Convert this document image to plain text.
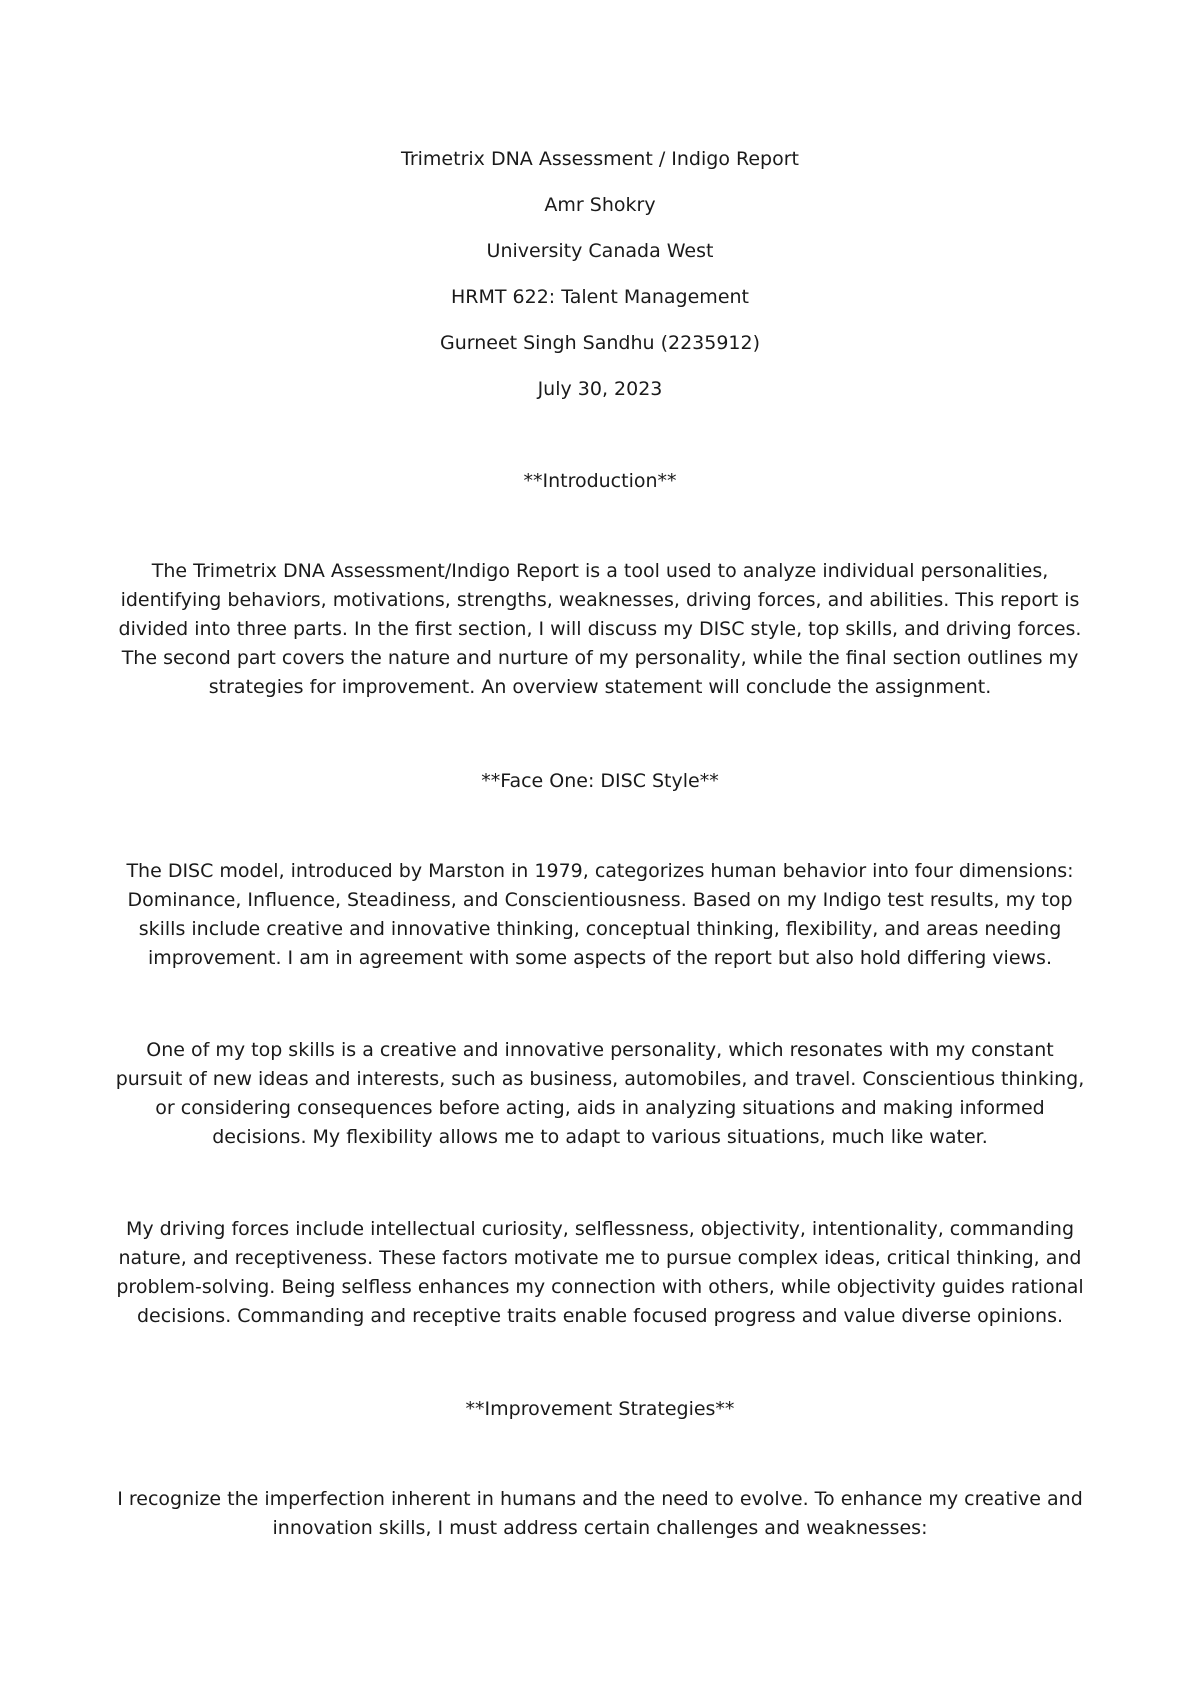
Trimetrix DNA Assessment / Indigo Report

Amr Shokry

University Canada West

HRMT 622: Talent Management

Gurneet Singh Sandhu (2235912)

July 30, 2023

**Introduction**

The Trimetrix DNA Assessment/Indigo Report is a tool used to analyze individual personalities,

identifying behaviors, motivations, strengths, weaknesses, driving forces, and abilities. This report is

divided into three parts. In the first section, I will discuss my DISC style, top skills, and driving forces.

The second part covers the nature and nurture of my personality, while the final section outlines my

strategies for improvement. An overview statement will conclude the assignment.

**Face One: DISC Style**

The DISC model, introduced by Marston in 1979, categorizes human behavior into four dimensions:

Dominance, Influence, Steadiness, and Conscientiousness. Based on my Indigo test results, my top

skills include creative and innovative thinking, conceptual thinking, flexibility, and areas needing

improvement. I am in agreement with some aspects of the report but also hold differing views.

One of my top skills is a creative and innovative personality, which resonates with my constant

pursuit of new ideas and interests, such as business, automobiles, and travel. Conscientious thinking,

or considering consequences before acting, aids in analyzing situations and making informed

decisions. My flexibility allows me to adapt to various situations, much like water.

My driving forces include intellectual curiosity, selflessness, objectivity, intentionality, commanding

nature, and receptiveness. These factors motivate me to pursue complex ideas, critical thinking, and

problem-solving. Being selfless enhances my connection with others, while objectivity guides rational

decisions. Commanding and receptive traits enable focused progress and value diverse opinions.

**Improvement Strategies**

I recognize the imperfection inherent in humans and the need to evolve. To enhance my creative and

innovation skills, I must address certain challenges and weaknesses:
